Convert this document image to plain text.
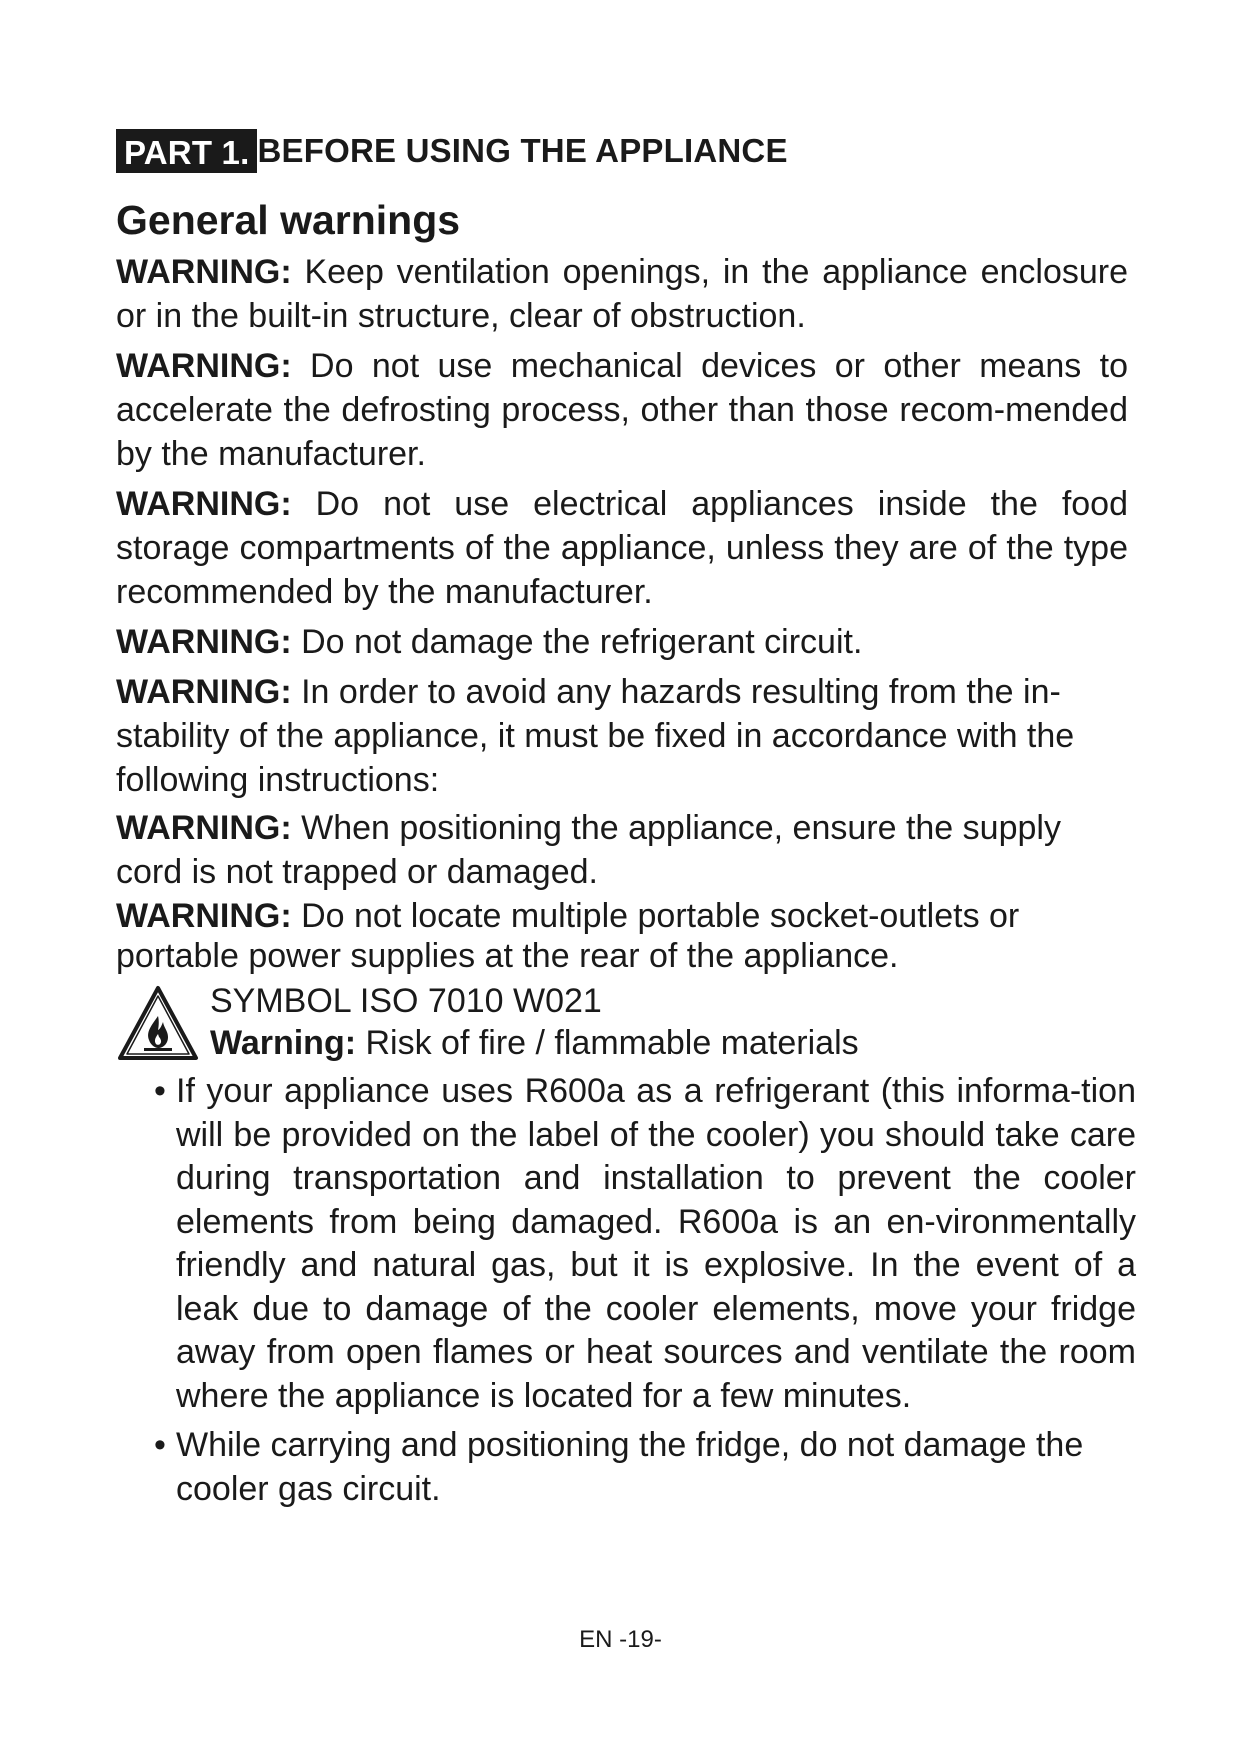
PART 1. BEFORE USING THE APPLIANCE
General warnings

WARNING: Keep ventilation openings, in the appliance enclosure or in the built-in structure, clear of obstruction.

WARNING: Do not use mechanical devices or other means to accelerate the defrosting process, other than those recom-mended by the manufacturer.

WARNING: Do not use electrical appliances inside the food storage compartments of the appliance, unless they are of the type recommended by the manufacturer.

WARNING: Do not damage the refrigerant circuit.

WARNING: In order to avoid any hazards resulting from the in-stability of the appliance, it must be fixed in accordance with the following instructions:

WARNING: When positioning the appliance, ensure the supply cord is not trapped or damaged.

WARNING: Do not locate multiple portable socket-outlets or portable power supplies at the rear of the appliance.

SYMBOL ISO 7010 W021
Warning: Risk of fire / flammable materials
• If your appliance uses R600a as a refrigerant (this informa-tion will be provided on the label of the cooler) you should take care during transportation and installation to prevent the cooler elements from being damaged. R600a is an en-vironmentally friendly and natural gas, but it is explosive. In the event of a leak due to damage of the cooler elements, move your fridge away from open flames or heat sources and ventilate the room where the appliance is located for a few minutes.
• While carrying and positioning the fridge, do not damage the cooler gas circuit.
EN -19-
